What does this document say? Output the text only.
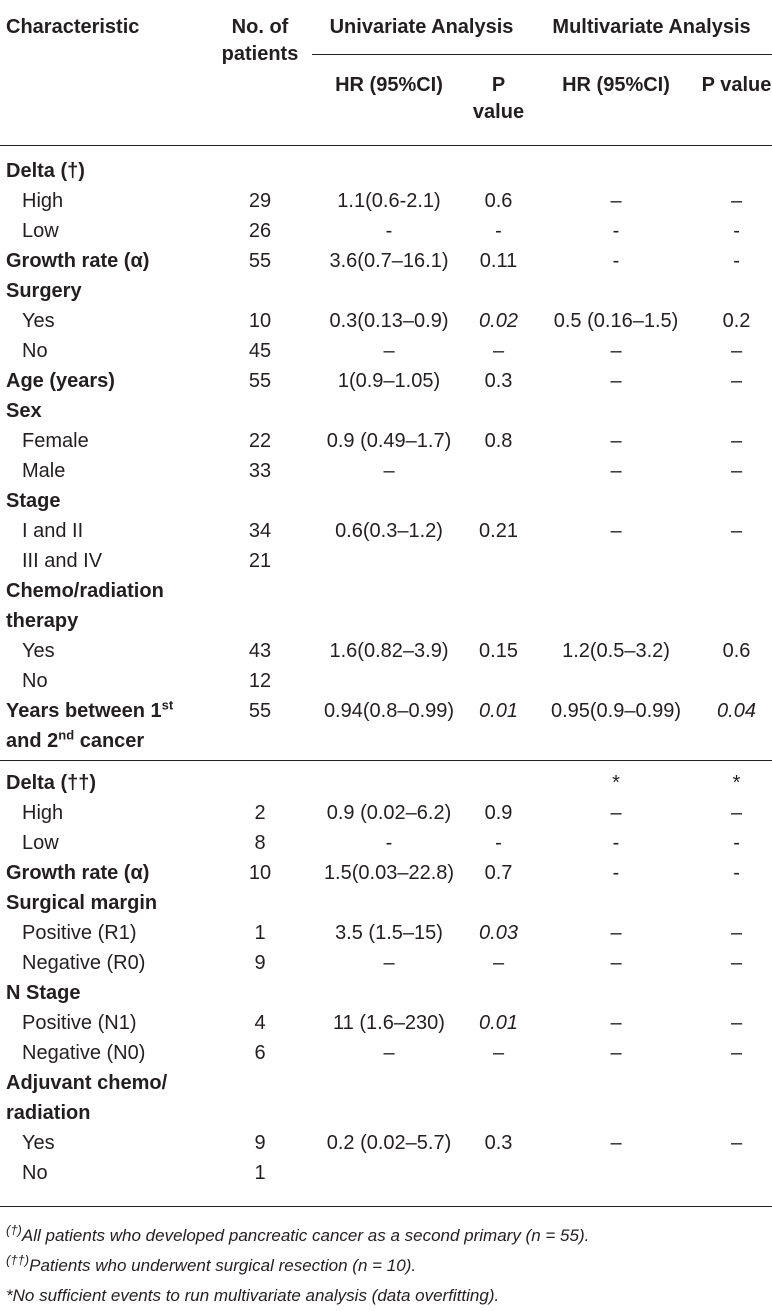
Characteristic	No. of patients	Univariate Analysis		Multivariate Analysis	
		HR (95%CI)	P value	HR (95%CI)	P value
Delta (†)					
High	29	1.1(0.6-2.1)	0.6	–	–
Low	26	-	-	-	-
Growth rate (α)	55	3.6(0.7–16.1)	0.11	-	-
Surgery					
Yes	10	0.3(0.13–0.9)	0.02	0.5 (0.16–1.5)	0.2
No	45	–	–	–	–
Age (years)	55	1(0.9–1.05)	0.3	–	–
Sex					
Female	22	0.9 (0.49–1.7)	0.8	–	–
Male	33	–		–	–
Stage					
I and II	34	0.6(0.3–1.2)	0.21	–	–
III and IV	21				
Chemo/radiation					
therapy					
Yes	43	1.6(0.82–3.9)	0.15	1.2(0.5–3.2)	0.6
No	12				
Years between 1st
and 2nd cancer	55	0.94(0.8–0.99)	0.01	0.95(0.9–0.99)	0.04
Delta (††)				*	*
High	2	0.9 (0.02–6.2)	0.9	–	–
Low	8	-	-	-	-
Growth rate (α)	10	1.5(0.03–22.8)	0.7	-	-
Surgical margin					
Positive (R1)	1	3.5 (1.5–15)	0.03	–	–
Negative (R0)	9	–	–	–	–
N Stage					
Positive (N1)	4	11 (1.6–230)	0.01	–	–
Negative (N0)	6	–	–	–	–
Adjuvant chemo/					
radiation					
Yes	9	0.2 (0.02–5.7)	0.3	–	–
No	1				
(†)All patients who developed pancreatic cancer as a second primary (n = 55).					
(††)Patients who underwent surgical resection (n = 10).					
*No sufficient events to run multivariate analysis (data overfitting).					
